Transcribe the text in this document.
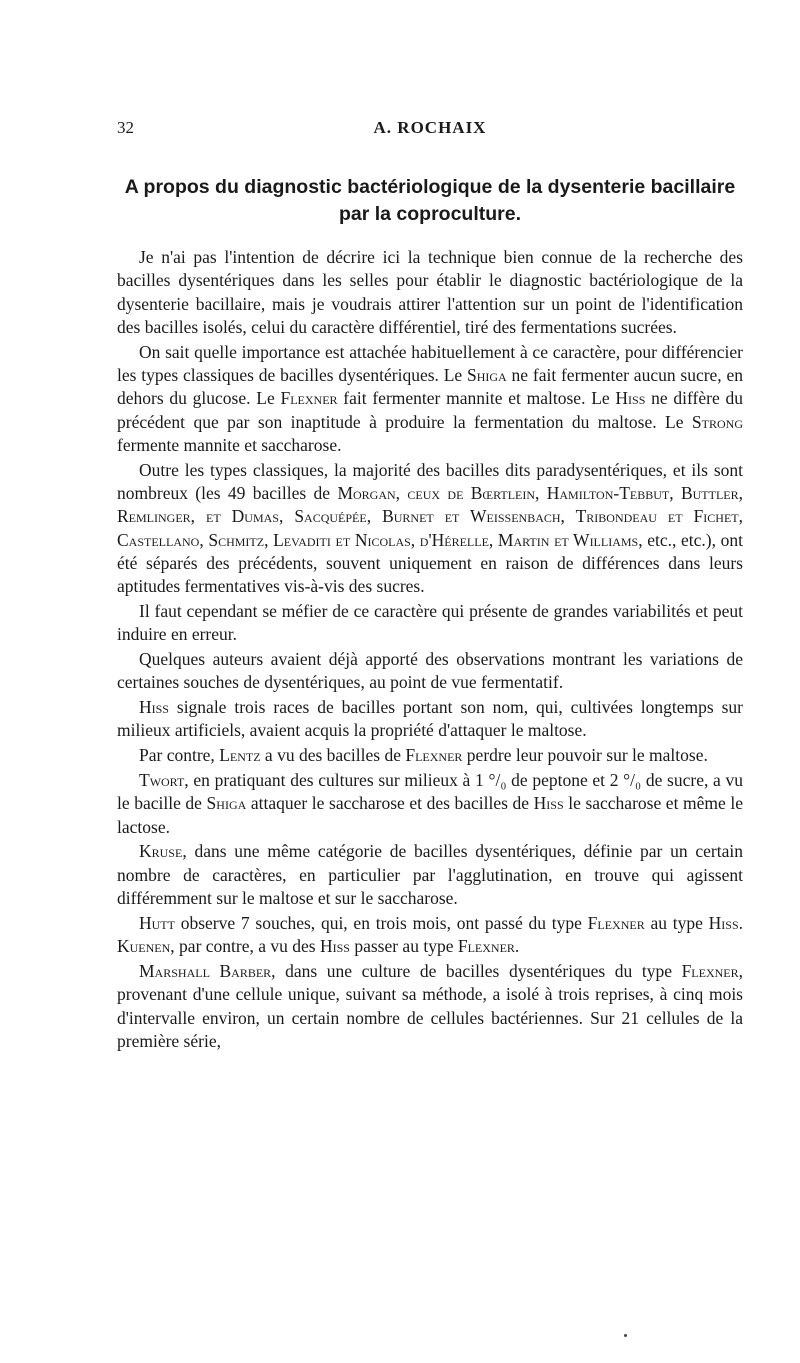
32	A. ROCHAIX
A propos du diagnostic bactériologique de la dysenterie bacillaire par la coproculture.

Je n'ai pas l'intention de décrire ici la technique bien connue de la recherche des bacilles dysentériques dans les selles pour établir le diagnostic bactériologique de la dysenterie bacillaire, mais je voudrais attirer l'attention sur un point de l'identification des bacilles isolés, celui du caractère différentiel, tiré des fermentations sucrées.

On sait quelle importance est attachée habituellement à ce caractère, pour différencier les types classiques de bacilles dysentériques. Le Shiga ne fait fermenter aucun sucre, en dehors du glucose. Le Flexner fait fermenter mannite et maltose. Le Hiss ne diffère du précédent que par son inaptitude à produire la fermentation du maltose. Le Strong fermente mannite et saccharose.

Outre les types classiques, la majorité des bacilles dits paradysentériques, et ils sont nombreux (les 49 bacilles de Morgan, ceux de Bœrtlein, Hamilton-Tebbut, Buttler, Remlinger, et Dumas, Sacquépée, Burnet et Weissenbach, Tribondeau et Fichet, Castellano, Schmitz, Levaditi et Nicolas, d'Hérelle, Martin et Williams, etc., etc.), ont été séparés des précédents, souvent uniquement en raison de différences dans leurs aptitudes fermentatives vis-à-vis des sucres.

Il faut cependant se méfier de ce caractère qui présente de grandes variabilités et peut induire en erreur.

Quelques auteurs avaient déjà apporté des observations montrant les variations de certaines souches de dysentériques, au point de vue fermentatif.

Hiss signale trois races de bacilles portant son nom, qui, cultivées longtemps sur milieux artificiels, avaient acquis la propriété d'attaquer le maltose.

Par contre, Lentz a vu des bacilles de Flexner perdre leur pouvoir sur le maltose.

Twort, en pratiquant des cultures sur milieux à 1 °/₀ de peptone et 2 °/₀ de sucre, a vu le bacille de Shiga attaquer le saccharose et des bacilles de Hiss le saccharose et même le lactose.

Kruse, dans une même catégorie de bacilles dysentériques, définie par un certain nombre de caractères, en particulier par l'agglutination, en trouve qui agissent différemment sur le maltose et sur le saccharose.

Hutt observe 7 souches, qui, en trois mois, ont passé du type Flexner au type Hiss. Kuenen, par contre, a vu des Hiss passer au type Flexner.

Marshall Barber, dans une culture de bacilles dysentériques du type Flexner, provenant d'une cellule unique, suivant sa méthode, a isolé à trois reprises, à cinq mois d'intervalle environ, un certain nombre de cellules bactériennes. Sur 21 cellules de la première série,
